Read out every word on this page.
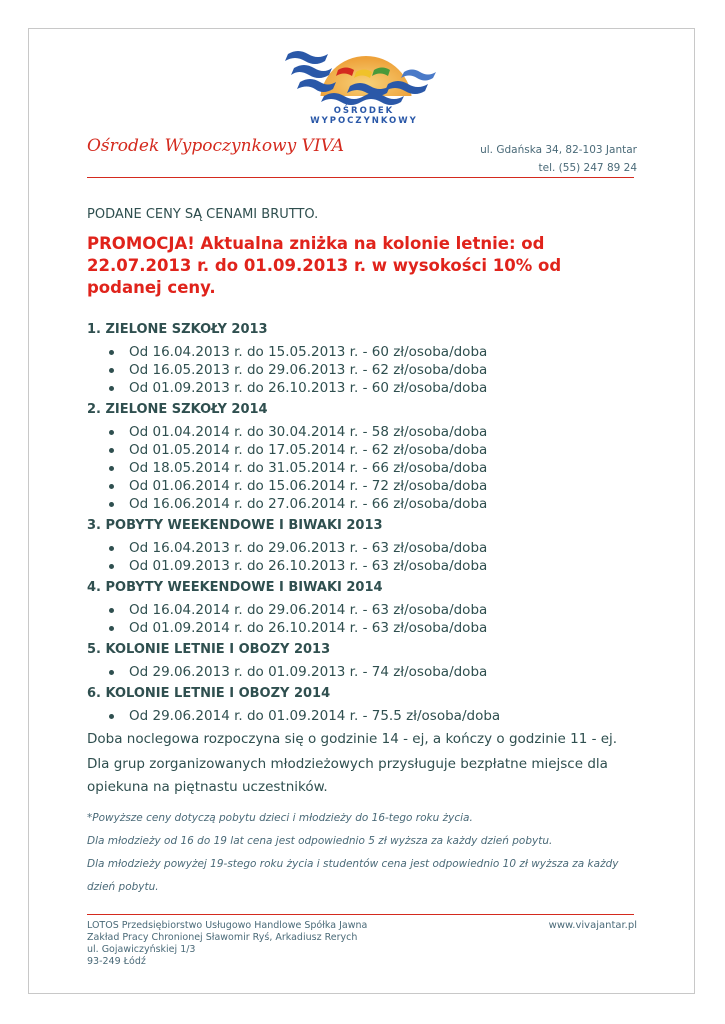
OŚRODEK WYPOCZYNKOWY
Ośrodek Wypoczynkowy VIVA	ul. Gdańska 34, 82-103 Jantar
tel. (55) 247 89 24
PODANE CENY SĄ CENAMI BRUTTO.
PROMOCJA! Aktualna zniżka na kolonie letnie: od 22.07.2013 r. do 01.09.2013 r. w wysokości 10% od podanej ceny.
1. ZIELONE SZKOŁY 2013
Od 16.04.2013 r. do 15.05.2013 r. - 60 zł/osoba/doba
Od 16.05.2013 r. do 29.06.2013 r. - 62 zł/osoba/doba
Od 01.09.2013 r. do 26.10.2013 r. - 60 zł/osoba/doba
2. ZIELONE SZKOŁY 2014
Od 01.04.2014 r. do 30.04.2014 r. - 58 zł/osoba/doba
Od 01.05.2014 r. do 17.05.2014 r. - 62 zł/osoba/doba
Od 18.05.2014 r. do 31.05.2014 r. - 66 zł/osoba/doba
Od 01.06.2014 r. do 15.06.2014 r. - 72 zł/osoba/doba
Od 16.06.2014 r. do 27.06.2014 r. - 66 zł/osoba/doba
3. POBYTY WEEKENDOWE I BIWAKI 2013
Od 16.04.2013 r. do 29.06.2013 r. - 63 zł/osoba/doba
Od 01.09.2013 r. do 26.10.2013 r. - 63 zł/osoba/doba
4. POBYTY WEEKENDOWE I BIWAKI 2014
Od 16.04.2014 r. do 29.06.2014 r. - 63 zł/osoba/doba
Od 01.09.2014 r. do 26.10.2014 r. - 63 zł/osoba/doba
5. KOLONIE LETNIE I OBOZY 2013
Od 29.06.2013 r. do 01.09.2013 r. - 74 zł/osoba/doba
6. KOLONIE LETNIE I OBOZY 2014
Od 29.06.2014 r. do 01.09.2014 r. - 75.5 zł/osoba/doba

Doba noclegowa rozpoczyna się o godzinie 14 - ej, a kończy o godzinie 11 - ej.

Dla grup zorganizowanych młodzieżowych przysługuje bezpłatne miejsce dla opiekuna na piętnastu uczestników.

*Powyższe ceny dotyczą pobytu dzieci i młodzieży do 16-tego roku życia.
Dla młodzieży od 16 do 19 lat cena jest odpowiednio 5 zł wyższa za każdy dzień pobytu.
Dla młodzieży powyżej 19-stego roku życia i studentów cena jest odpowiednio 10 zł wyższa za każdy dzień pobytu.
LOTOS Przedsiębiorstwo Usługowo Handlowe Spółka Jawna
Zakład Pracy Chronionej Sławomir Ryś, Arkadiusz Rerych
ul. Gojawiczyńskiej 1/3
93-249 Łódź
www.vivajantar.pl
